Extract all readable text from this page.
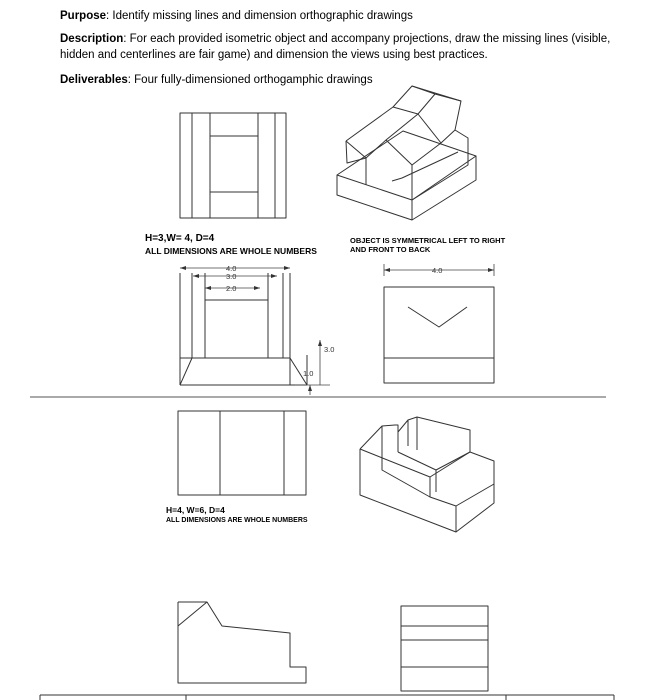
Purpose: Identify missing lines and dimension orthographic drawings

Description: For each provided isometric object and accompany projections, draw the missing lines (visible, hidden and centerlines are fair game) and dimension the views using best practices.

Deliverables: Four fully-dimensioned orthogamphic drawings

4.0
3.0
2.0
3.0
1.0
4.0
H=3,W= 4, D=4
ALL DIMENSIONS ARE WHOLE NUMBERS
OBJECT IS SYMMETRICAL LEFT TO RIGHT
AND FRONT TO BACK
H=4, W=6, D=4
ALL DIMENSIONS ARE WHOLE NUMBERS
